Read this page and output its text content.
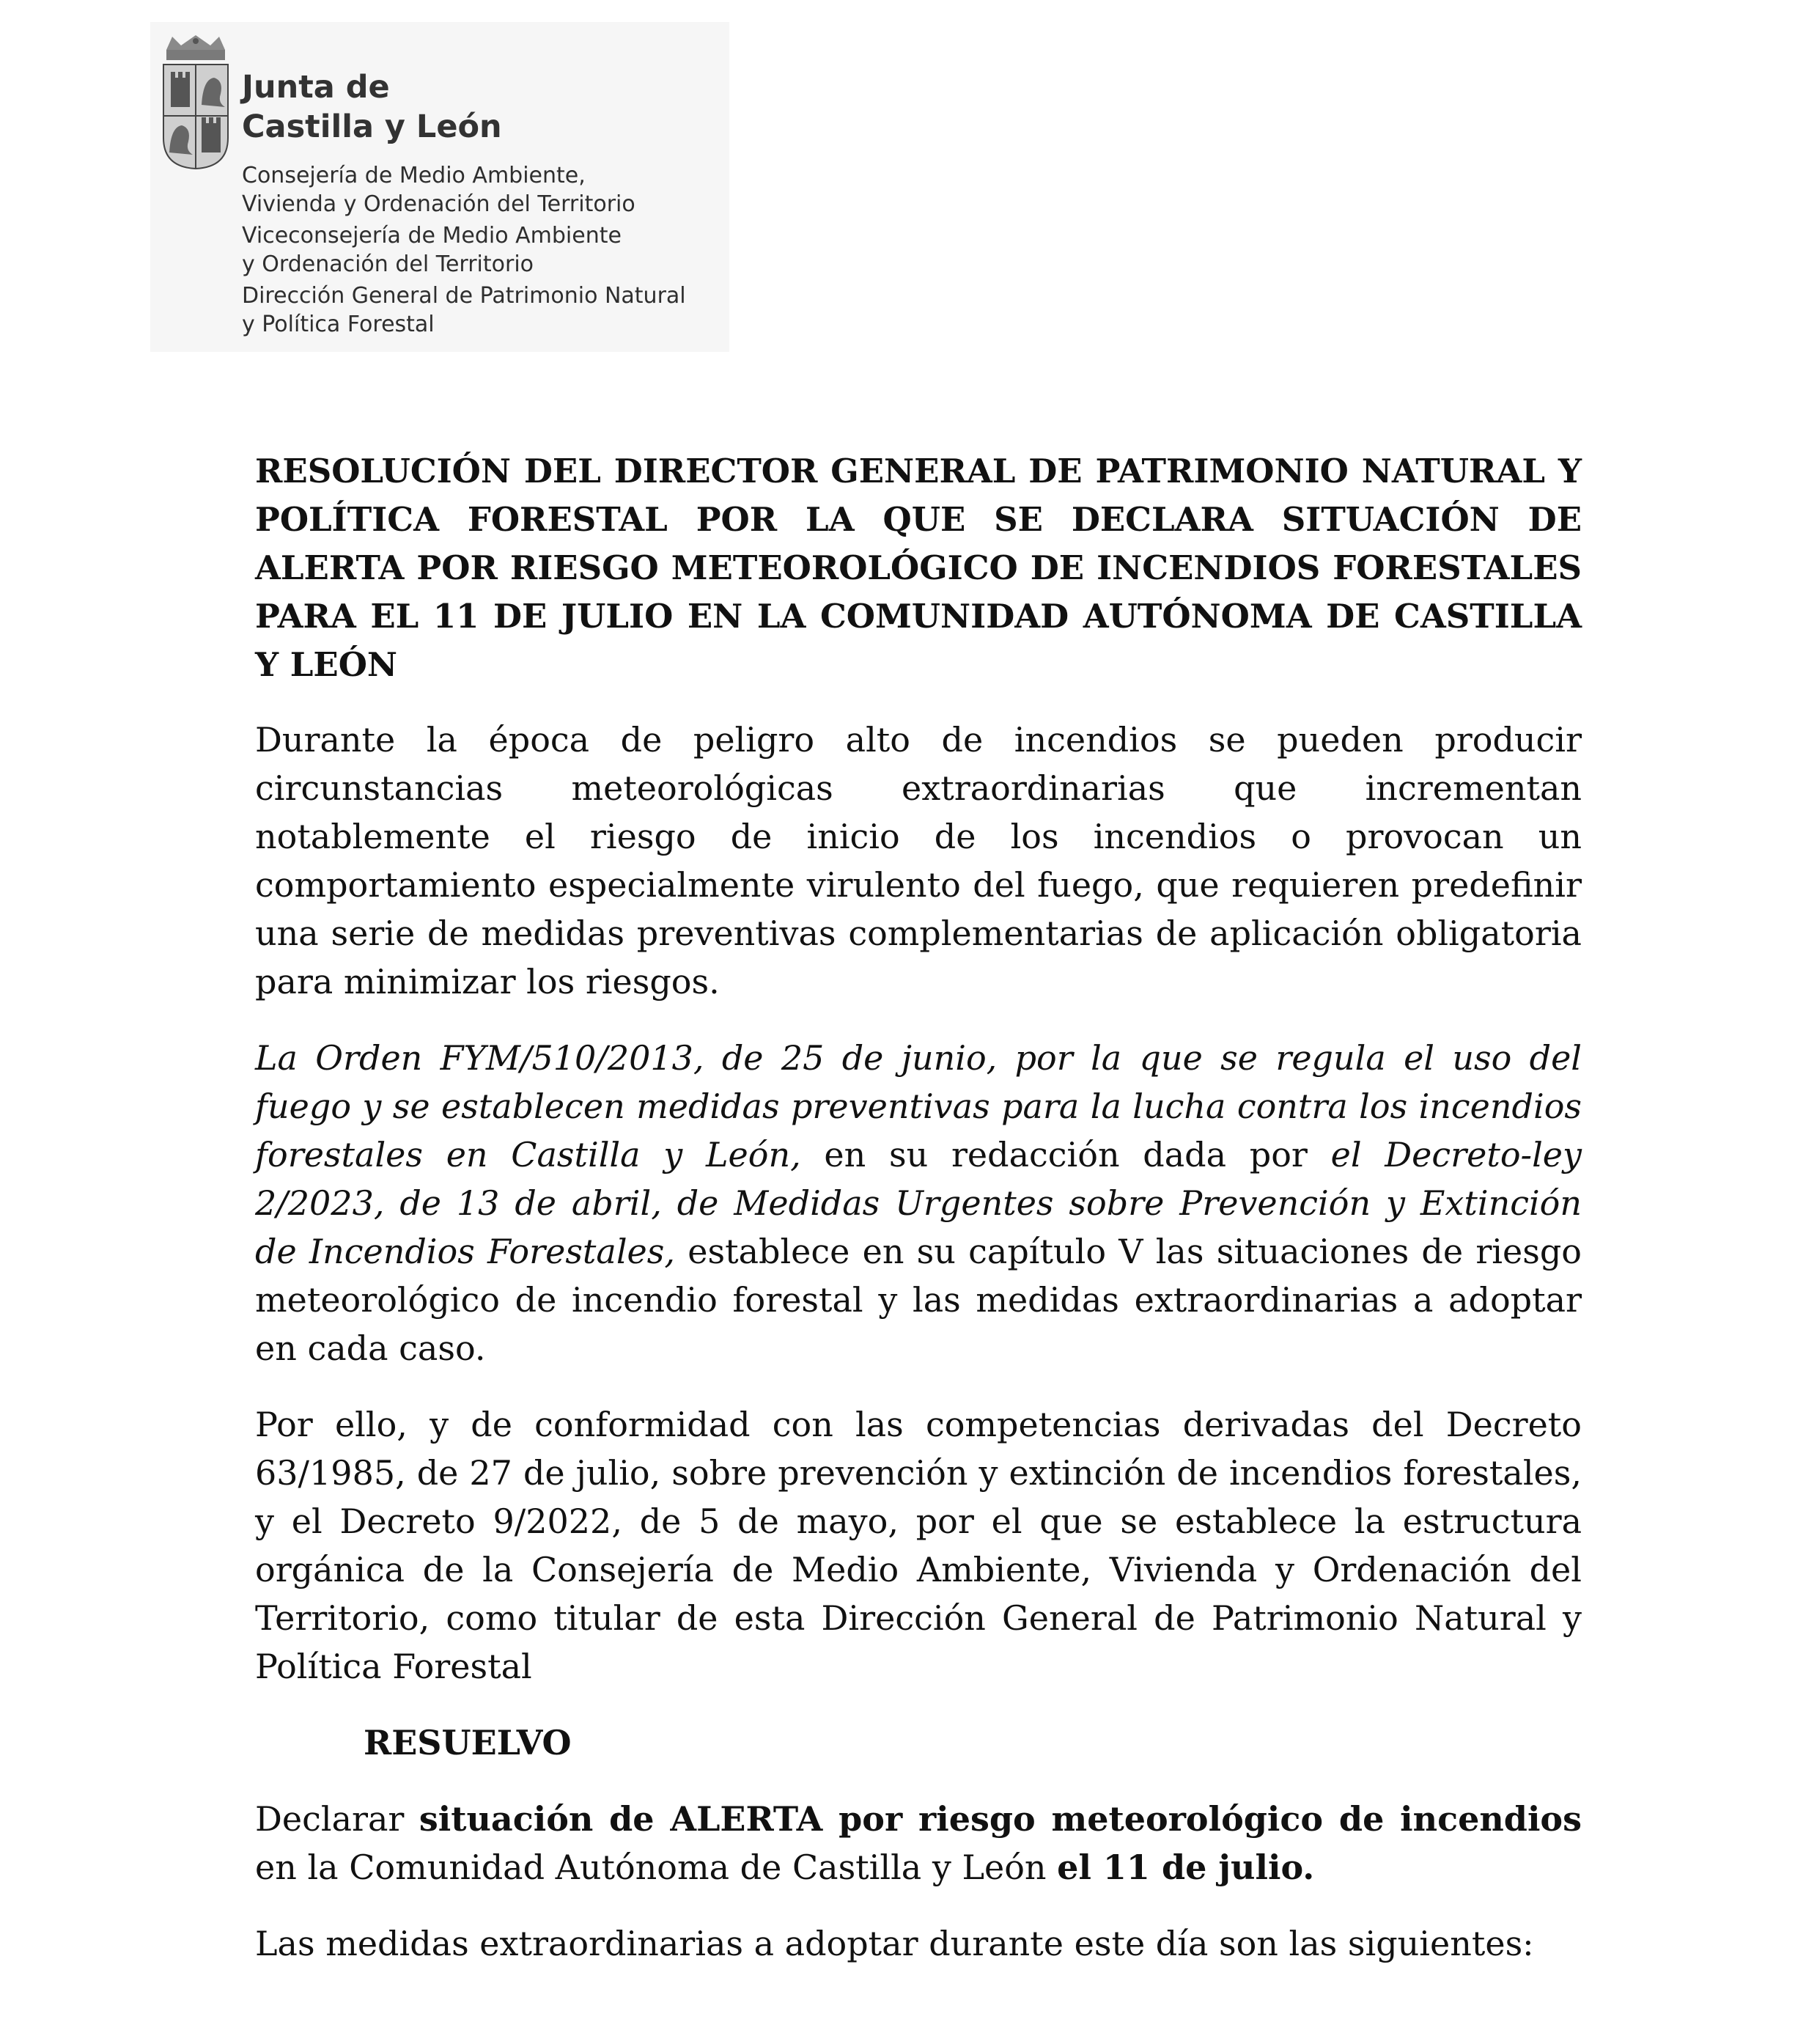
Junta de
Castilla y León
Consejería de Medio Ambiente,
Vivienda y Ordenación del Territorio
Viceconsejería de Medio Ambiente
y Ordenación del Territorio
Dirección General de Patrimonio Natural
y Política Forestal

RESOLUCIÓN DEL DIRECTOR GENERAL DE PATRIMONIO NATURAL Y POLÍTICA FORESTAL POR LA QUE SE DECLARA SITUACIÓN DE ALERTA POR RIESGO METEOROLÓGICO DE INCENDIOS FORESTALES PARA EL 11 DE JULIO EN LA COMUNIDAD AUTÓNOMA DE CASTILLA Y LEÓN

Durante la época de peligro alto de incendios se pueden producir circunstancias meteorológicas extraordinarias que incrementan notablemente el riesgo de inicio de los incendios o provocan un comportamiento especialmente virulento del fuego, que requieren predefinir una serie de medidas preventivas complementarias de aplicación obligatoria para minimizar los riesgos.

La Orden FYM/510/2013, de 25 de junio, por la que se regula el uso del fuego y se establecen medidas preventivas para la lucha contra los incendios forestales en Castilla y León, en su redacción dada por el Decreto-ley 2/2023, de 13 de abril, de Medidas Urgentes sobre Prevención y Extinción de Incendios Forestales, establece en su capítulo V las situaciones de riesgo meteorológico de incendio forestal y las medidas extraordinarias a adoptar en cada caso.

Por ello, y de conformidad con las competencias derivadas del Decreto 63/1985, de 27 de julio, sobre prevención y extinción de incendios forestales, y el Decreto 9/2022, de 5 de mayo, por el que se establece la estructura orgánica de la Consejería de Medio Ambiente, Vivienda y Ordenación del Territorio, como titular de esta Dirección General de Patrimonio Natural y Política Forestal

RESUELVO

Declarar situación de ALERTA por riesgo meteorológico de incendios en la Comunidad Autónoma de Castilla y León el 11 de julio.

Las medidas extraordinarias a adoptar durante este día son las siguientes:
